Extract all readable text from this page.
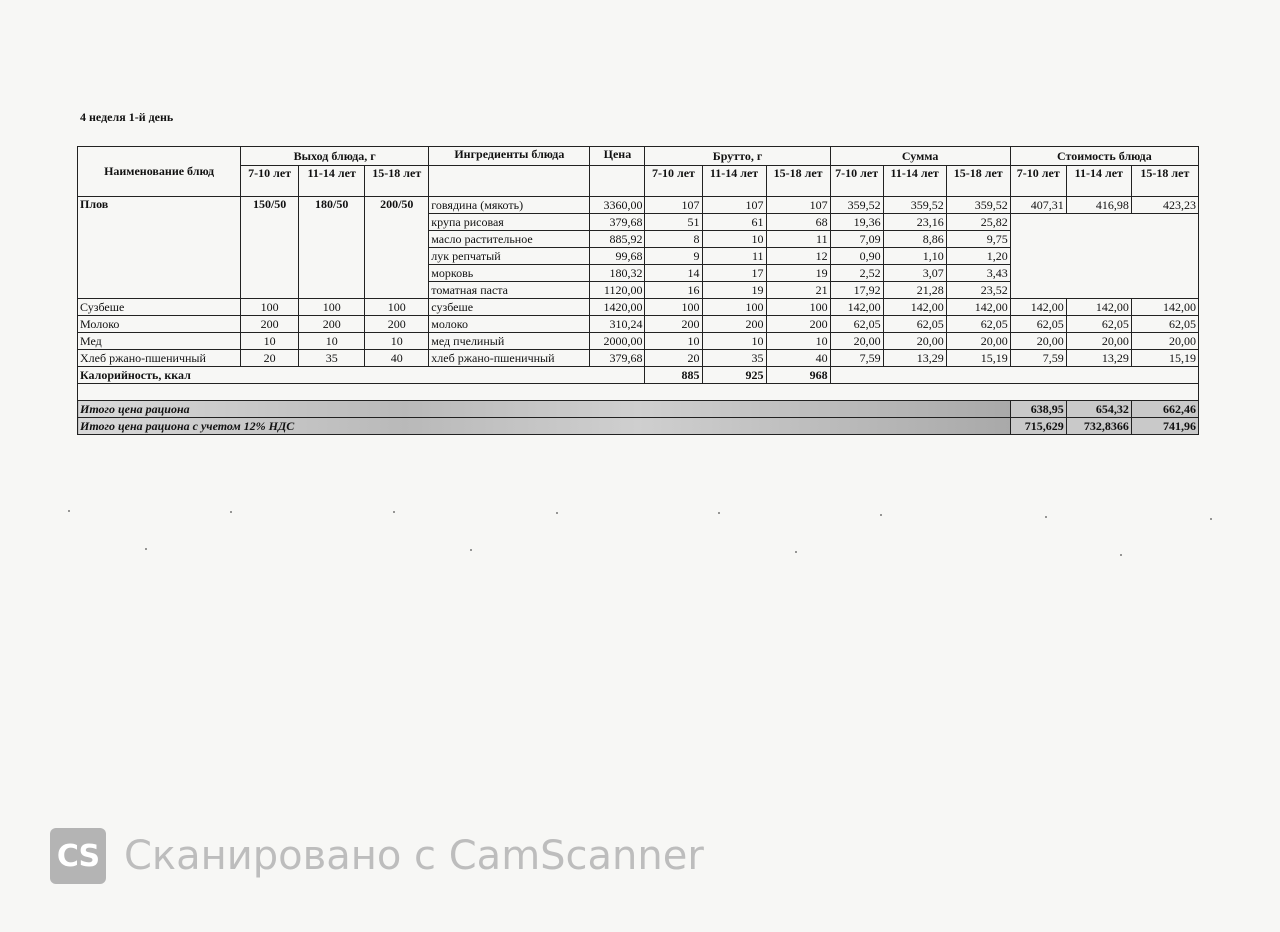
4 неделя 1-й день
Наименование блюд	Выход блюда, г			Ингредиенты блюда	Цена	Брутто, г			Сумма			Стоимость блюда		
	7-10 лет	11-14 лет	15-18 лет			7-10 лет	11-14 лет	15-18 лет	7-10 лет	11-14 лет	15-18 лет	7-10 лет	11-14 лет	15-18 лет
Плов	150/50	180/50	200/50	говядина (мякоть)	3360,00	107	107	107	359,52	359,52	359,52	407,31	416,98	423,23
				крупа рисовая	379,68	51	61	68	19,36	23,16	25,82			
				масло растительное	885,92	8	10	11	7,09	8,86	9,75			
				лук репчатый	99,68	9	11	12	0,90	1,10	1,20			
				морковь	180,32	14	17	19	2,52	3,07	3,43			
				томатная паста	1120,00	16	19	21	17,92	21,28	23,52			
Сузбеше	100	100	100	сузбеше	1420,00	100	100	100	142,00	142,00	142,00	142,00	142,00	142,00
Молоко	200	200	200	молоко	310,24	200	200	200	62,05	62,05	62,05	62,05	62,05	62,05
Мед	10	10	10	мед пчелиный	2000,00	10	10	10	20,00	20,00	20,00	20,00	20,00	20,00
Хлеб ржано-пшеничный	20	35	40	хлеб ржано-пшеничный	379,68	20	35	40	7,59	13,29	15,19	7,59	13,29	15,19
Калорийность, ккал						885	925	968						

Итого цена рациона												638,95	654,32	662,46
Итого цена рациона с учетом 12% НДС												715,629	732,8366	741,96
CS Сканировано с CamScanner
